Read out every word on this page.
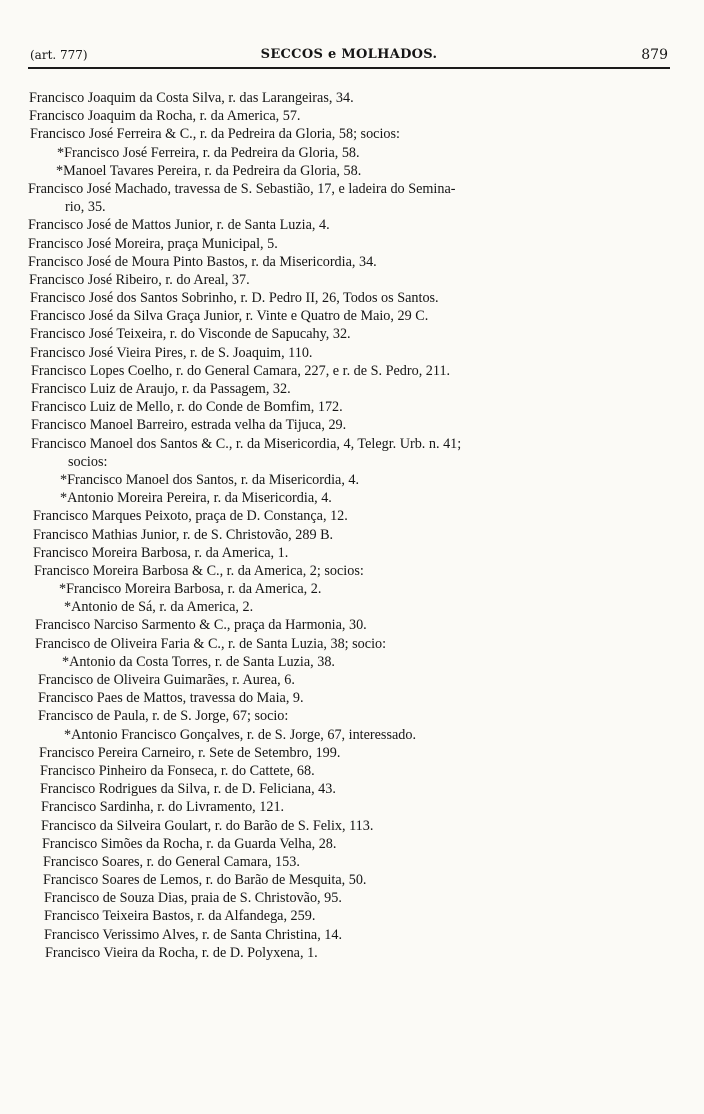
(art. 777)	SECCOS e MOLHADOS.	879
Francisco Joaquim da Costa Silva, r. das Larangeiras, 34.
Francisco Joaquim da Rocha, r. da America, 57.
Francisco José Ferreira & C., r. da Pedreira da Gloria, 58; socios:
*Francisco José Ferreira, r. da Pedreira da Gloria, 58.
*Manoel Tavares Pereira, r. da Pedreira da Gloria, 58.
Francisco José Machado, travessa de S. Sebastião, 17, e ladeira do Semina-
rio, 35.
Francisco José de Mattos Junior, r. de Santa Luzia, 4.
Francisco José Moreira, praça Municipal, 5.
Francisco José de Moura Pinto Bastos, r. da Misericordia, 34.
Francisco José Ribeiro, r. do Areal, 37.
Francisco José dos Santos Sobrinho, r. D. Pedro II, 26, Todos os Santos.
Francisco José da Silva Graça Junior, r. Vinte e Quatro de Maio, 29 C.
Francisco José Teixeira, r. do Visconde de Sapucahy, 32.
Francisco José Vieira Pires, r. de S. Joaquim, 110.
Francisco Lopes Coelho, r. do General Camara, 227, e r. de S. Pedro, 211.
Francisco Luiz de Araujo, r. da Passagem, 32.
Francisco Luiz de Mello, r. do Conde de Bomfim, 172.
Francisco Manoel Barreiro, estrada velha da Tijuca, 29.
Francisco Manoel dos Santos & C., r. da Misericordia, 4, Telegr. Urb. n. 41;
socios:
*Francisco Manoel dos Santos, r. da Misericordia, 4.
*Antonio Moreira Pereira, r. da Misericordia, 4.
Francisco Marques Peixoto, praça de D. Constança, 12.
Francisco Mathias Junior, r. de S. Christovão, 289 B.
Francisco Moreira Barbosa, r. da America, 1.
Francisco Moreira Barbosa & C., r. da America, 2; socios:
*Francisco Moreira Barbosa, r. da America, 2.
*Antonio de Sá, r. da America, 2.
Francisco Narciso Sarmento & C., praça da Harmonia, 30.
Francisco de Oliveira Faria & C., r. de Santa Luzia, 38; socio:
*Antonio da Costa Torres, r. de Santa Luzia, 38.
Francisco de Oliveira Guimarães, r. Aurea, 6.
Francisco Paes de Mattos, travessa do Maia, 9.
Francisco de Paula, r. de S. Jorge, 67; socio:
*Antonio Francisco Gonçalves, r. de S. Jorge, 67, interessado.
Francisco Pereira Carneiro, r. Sete de Setembro, 199.
Francisco Pinheiro da Fonseca, r. do Cattete, 68.
Francisco Rodrigues da Silva, r. de D. Feliciana, 43.
Francisco Sardinha, r. do Livramento, 121.
Francisco da Silveira Goulart, r. do Barão de S. Felix, 113.
Francisco Simões da Rocha, r. da Guarda Velha, 28.
Francisco Soares, r. do General Camara, 153.
Francisco Soares de Lemos, r. do Barão de Mesquita, 50.
Francisco de Souza Dias, praia de S. Christovão, 95.
Francisco Teixeira Bastos, r. da Alfandega, 259.
Francisco Verissimo Alves, r. de Santa Christina, 14.
Francisco Vieira da Rocha, r. de D. Polyxena, 1.
